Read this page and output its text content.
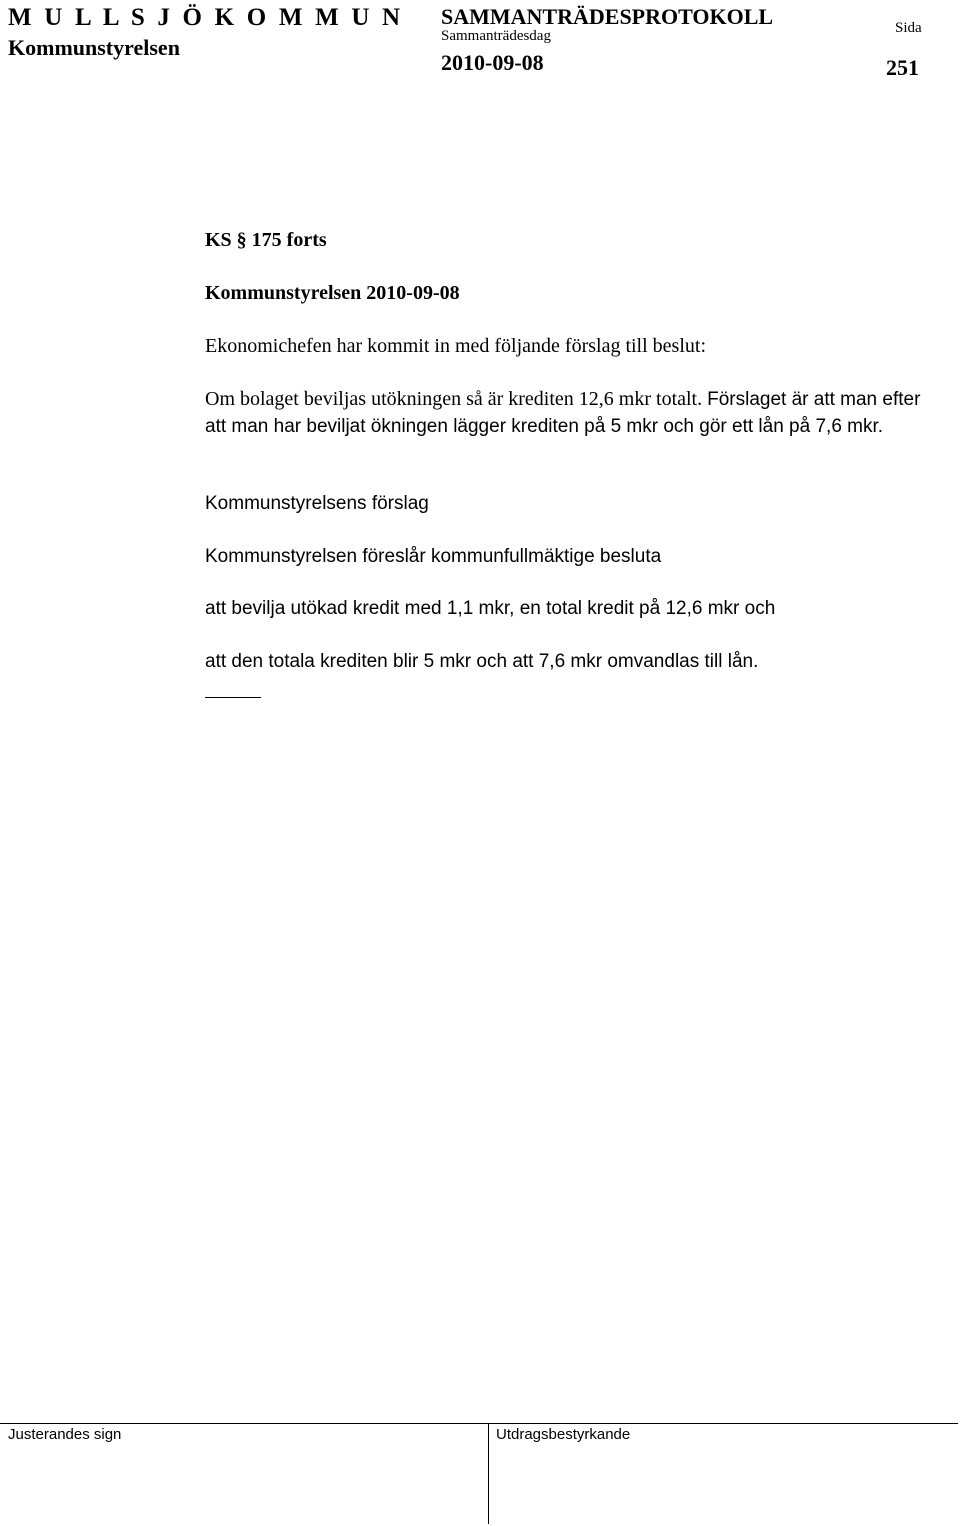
M U L L S J Ö K O M M U N
Kommunstyrelsen
SAMMANTRÄDESPROTOKOLL
Sammanträdesdag
2010-09-08
Sida
251
KS § 175 forts
Kommunstyrelsen 2010-09-08
Ekonomichefen har kommit in med följande förslag till beslut:
Om bolaget beviljas utökningen så är krediten 12,6 mkr totalt. Förslaget är att man efter att man har beviljat ökningen lägger krediten på 5 mkr och gör ett lån på 7,6 mkr.
Kommunstyrelsens förslag
Kommunstyrelsen föreslår kommunfullmäktige besluta
att bevilja utökad kredit med 1,1 mkr, en total kredit på 12,6 mkr och
att den totala krediten blir 5 mkr och att 7,6 mkr omvandlas till lån.
Justerandes sign	Utdragsbestyrkande
